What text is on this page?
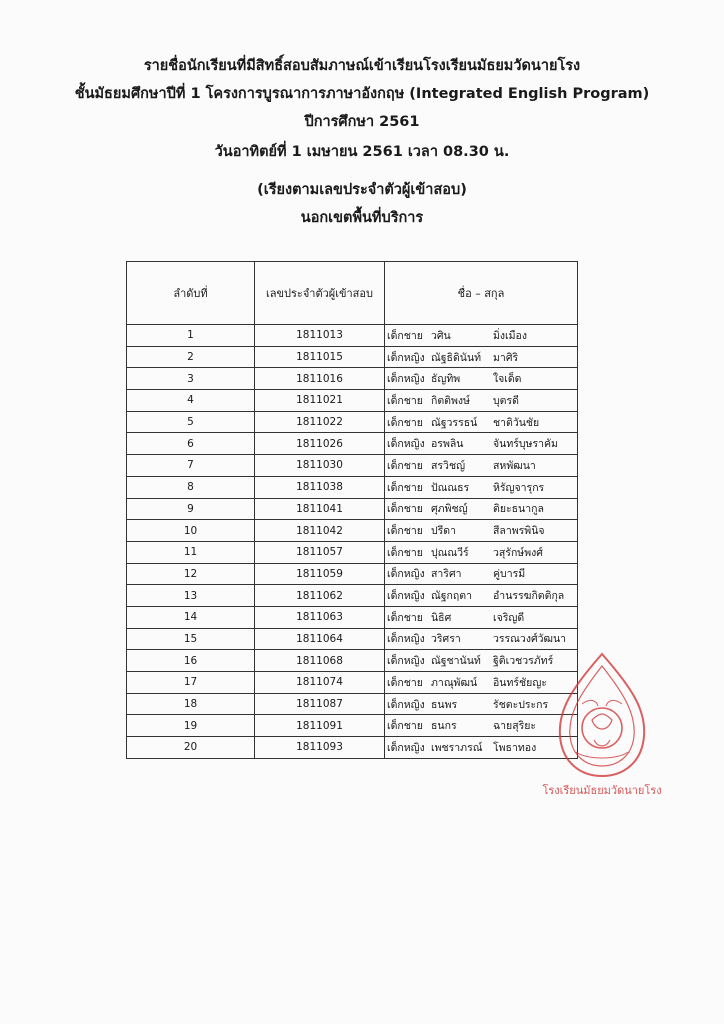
รายชื่อนักเรียนที่มีสิทธิ์สอบสัมภาษณ์เข้าเรียนโรงเรียนมัธยมวัดนายโรง
ชั้นมัธยมศึกษาปีที่ 1 โครงการบูรณาการภาษาอังกฤษ (Integrated English Program)
ปีการศึกษา 2561
วันอาทิตย์ที่ 1 เมษายน 2561 เวลา 08.30 น.
(เรียงตามเลขประจำตัวผู้เข้าสอบ)
นอกเขตพื้นที่บริการ
ลำดับที่	เลขประจำตัวผู้เข้าสอบ	ชื่อ – สกุล
1	1811013	เด็กชาย วศิน มิ่งเมือง
2	1811015	เด็กหญิง ณัฐธิดินันท์ มาศิริ
3	1811016	เด็กหญิง ธัญทิพ ใจเด็ด
4	1811021	เด็กชาย กิตติพงษ์ บุตรดี
5	1811022	เด็กชาย ณัฐวรรธน์ ชาติวันชัย
6	1811026	เด็กหญิง อรพลิน จันทร์บุษราคัม
7	1811030	เด็กชาย สรวิชญ์ สหพัฒนา
8	1811038	เด็กชาย ปัณณธร หิรัญจารุกร
9	1811041	เด็กชาย ศุภพิชญ์ ติยะธนากูล
10	1811042	เด็กชาย ปรีดา สีลาพรพินิจ
11	1811057	เด็กชาย ปุณณวีร์ วสุรักษ์พงศ์
12	1811059	เด็กหญิง สาริศา คู่บารมี
13	1811062	เด็กหญิง ณัฐกฤตา อำนรรฆกิตติกุล
14	1811063	เด็กชาย นิธิศ เจริญดี
15	1811064	เด็กหญิง วริศรา วรรณวงศ์วัฒนา
16	1811068	เด็กหญิง ณัฐชานันท์ ฐิติเวชวรภัทร์
17	1811074	เด็กชาย ภาณุพัฒน์ อินทร์ชัยญะ
18	1811087	เด็กหญิง ธนพร รัชตะประกร
19	1811091	เด็กชาย ธนกร ฉายสุริยะ
20	1811093	เด็กหญิง เพชราภรณ์ โพธาทอง
โรงเรียนมัธยมวัดนายโรง
